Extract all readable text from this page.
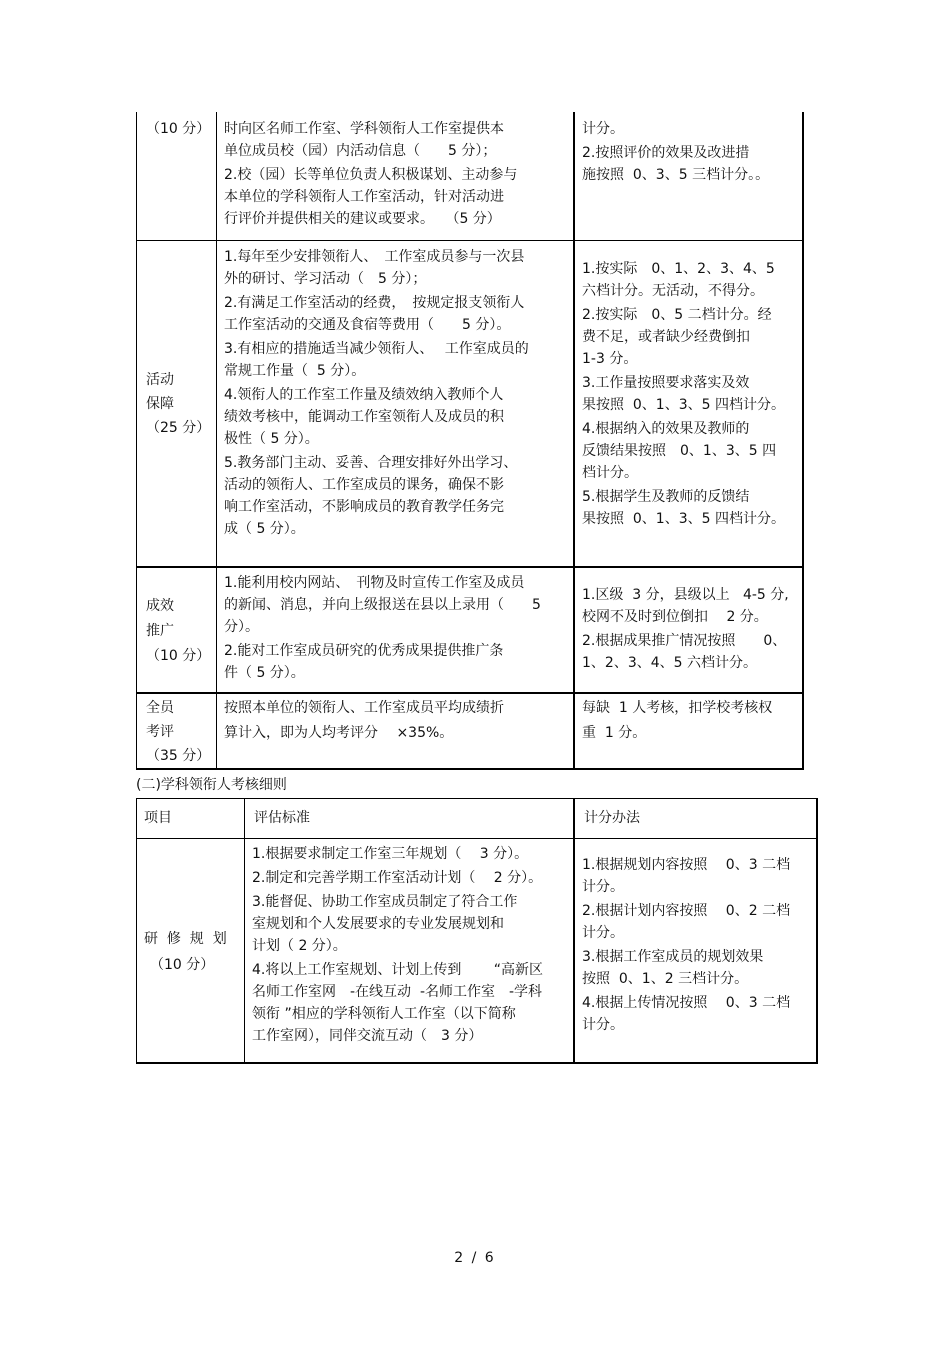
（10 分） 时向区名师工作室、学科领衔人工作室提供本
单位成员校（园）内活动信息（　　5 分）；
2.校（园）长等单位负责人积极谋划、主动参与
本单位的学科领衔人工作室活动，针对活动进
行评价并提供相关的建议或要求。　 （5 分）
计分。
2.按照评价的效果及改进措
施按照  0、3、5 三档计分。。
活动
保障
（25 分）
1.每年至少安排领衔人、　工作室成员参与一次县
外的研讨、学习活动（　5 分）；
2.有满足工作室活动的经费，　按规定报支领衔人
工作室活动的交通及食宿等费用（　　5 分）。
3.有相应的措施适当减少领衔人、　 工作室成员的
常规工作量（  5 分）。
4.领衔人的工作室工作量及绩效纳入教师个人
绩效考核中，能调动工作室领衔人及成员的积
极性（ 5 分）。
5.教务部门主动、妥善、合理安排好外出学习、
活动的领衔人、工作室成员的课务，确保不影
响工作室活动，不影响成员的教育教学任务完
成（ 5 分）。
1.按实际　0、1、2、3、4、5
六档计分。无活动，不得分。
2.按实际　0、5 二档计分。经
费不足，或者缺少经费倒扣
1-3 分。
3.工作量按照要求落实及效
果按照  0、1、3、5 四档计分。
4.根据纳入的效果及教师的
反馈结果按照　0、1、3、5 四
档计分。
5.根据学生及教师的反馈结
果按照  0、1、3、5 四档计分。
成效
推广
（10 分）
1.能利用校内网站、　刊物及时宣传工作室及成员
的新闻、消息，并向上级报送在县以上录用（　　5
分）。
2.能对工作室成员研究的优秀成果提供推广条
件（ 5 分）。
1.区级  3 分，县级以上   4-5 分,
校网不及时到位倒扣　 2 分。
2.根据成果推广情况按照　　0、
1、2、3、4、5 六档计分。
全员
考评
（35 分）
按照本单位的领衔人、工作室成员平均成绩折
算计入，即为人均考评分　 ×35%。
每缺  1 人考核，扣学校考核权
重  1 分。
(二)学科领衔人考核细则
项目	评估标准	计分办法
研  修  规  划
（10 分）
1.根据要求制定工作室三年规划（　 3 分）。
2.制定和完善学期工作室活动计划（　 2 分）。
3.能督促、协助工作室成员制定了符合工作
室规划和个人发展要求的专业发展规划和
计划（ 2 分）。
4.将以上工作室规划、计划上传到　　 “高新区
名师工作室网　-在线互动  -名师工作室　-学科
领衔 ”相应的学科领衔人工作室（以下简称
工作室网），同伴交流互动（　3 分）
1.根据规划内容按照　 0、3 二档
计分。
2.根据计划内容按照　 0、2 二档
计分。
3.根据工作室成员的规划效果
按照  0、1、2 三档计分。
4.根据上传情况按照　 0、3 二档
计分。
2 / 6
